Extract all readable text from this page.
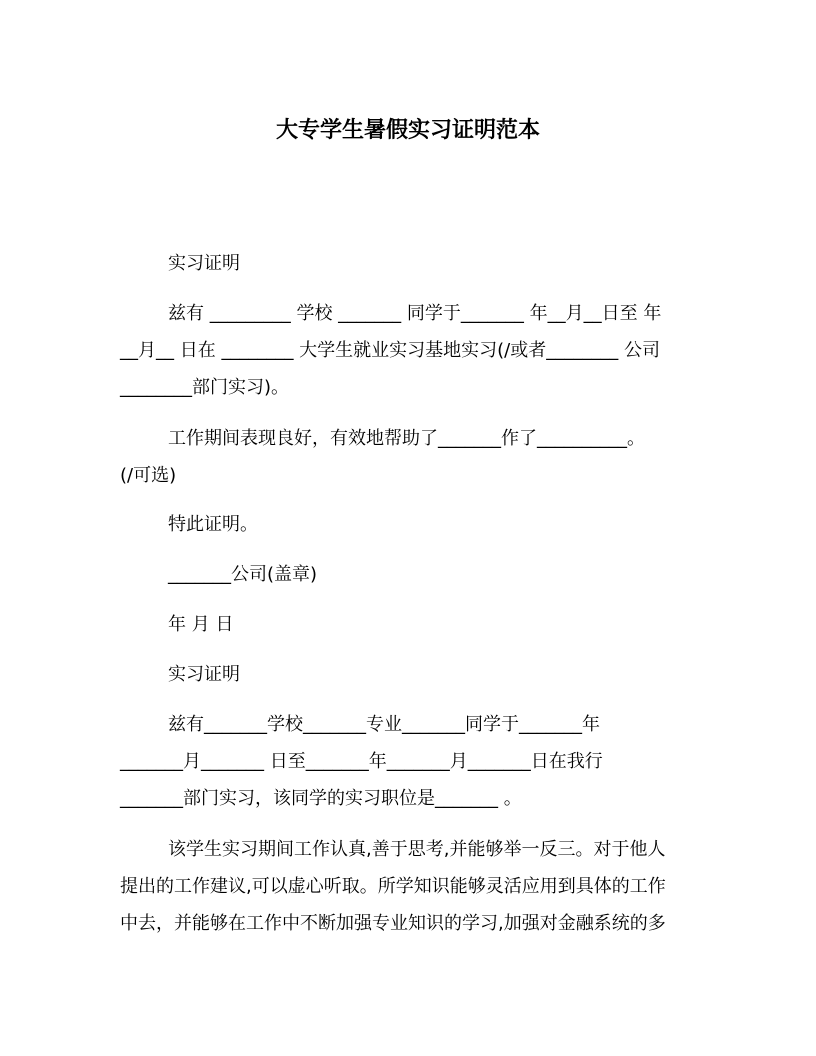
大专学生暑假实习证明范本
实习证明
兹有 _________ 学校 _______ 同学于_______ 年__月__日至 年
__月__ 日在 ________ 大学生就业实习基地实习(/或者________ 公司
________部门实习)。
工作期间表现良好，有效地帮助了_______作了__________。
(/可选)
特此证明。
_______公司(盖章)
年 月 日
实习证明
兹有_______学校_______专业_______同学于_______年
_______月_______ 日至_______年_______月_______日在我行
_______部门实习，该同学的实习职位是_______ 。
该学生实习期间工作认真,善于思考,并能够举一反三。对于他人
提出的工作建议,可以虚心听取。所学知识能够灵活应用到具体的工作
中去，并能够在工作中不断加强专业知识的学习,加强对金融系统的多
